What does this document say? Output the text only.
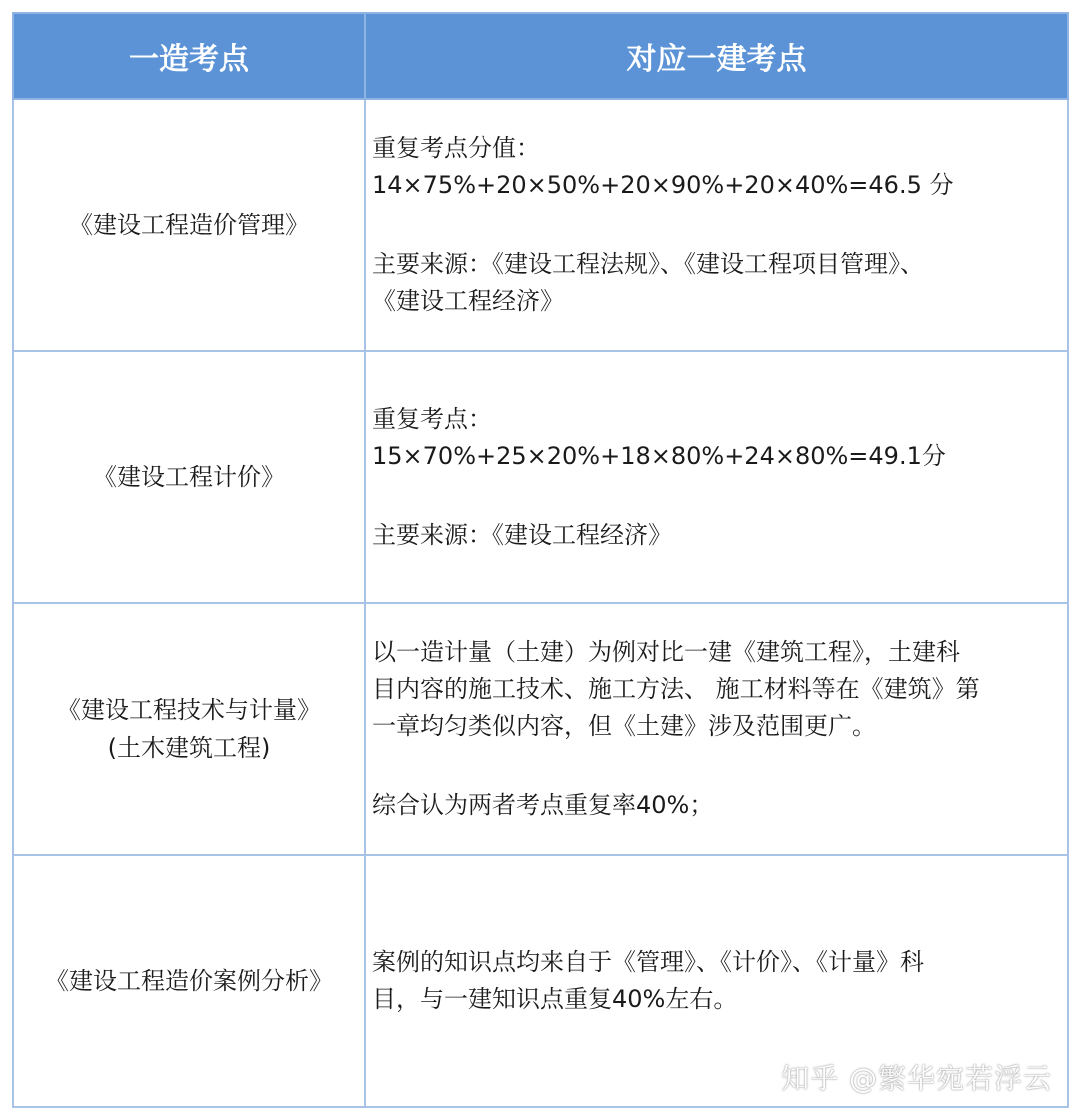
一造考点	对应一建考点

《建设工程造价管理》	重复考点分值：
14×75%+20×50%+20×90%+20×40%=46.5 分
主要来源：《建设工程法规》、《建设工程项目管理》、
《建设工程经济》

《建设工程计价》	重复考点：
15×70%+25×20%+18×80%+24×80%=49.1分
主要来源：《建设工程经济》

《建设工程技术与计量》
(土木建筑工程)	以一造计量（土建）为例对比一建《建筑工程》，土建科
目内容的施工技术、施工方法、 施工材料等在《建筑》第
一章均匀类似内容，但《土建》涉及范围更广。
综合认为两者考点重复率40%；

《建设工程造价案例分析》	案例的知识点均来自于《管理》、《计价》、《计量》科
目，与一建知识点重复40%左右。
知乎 @繁华宛若浮云
